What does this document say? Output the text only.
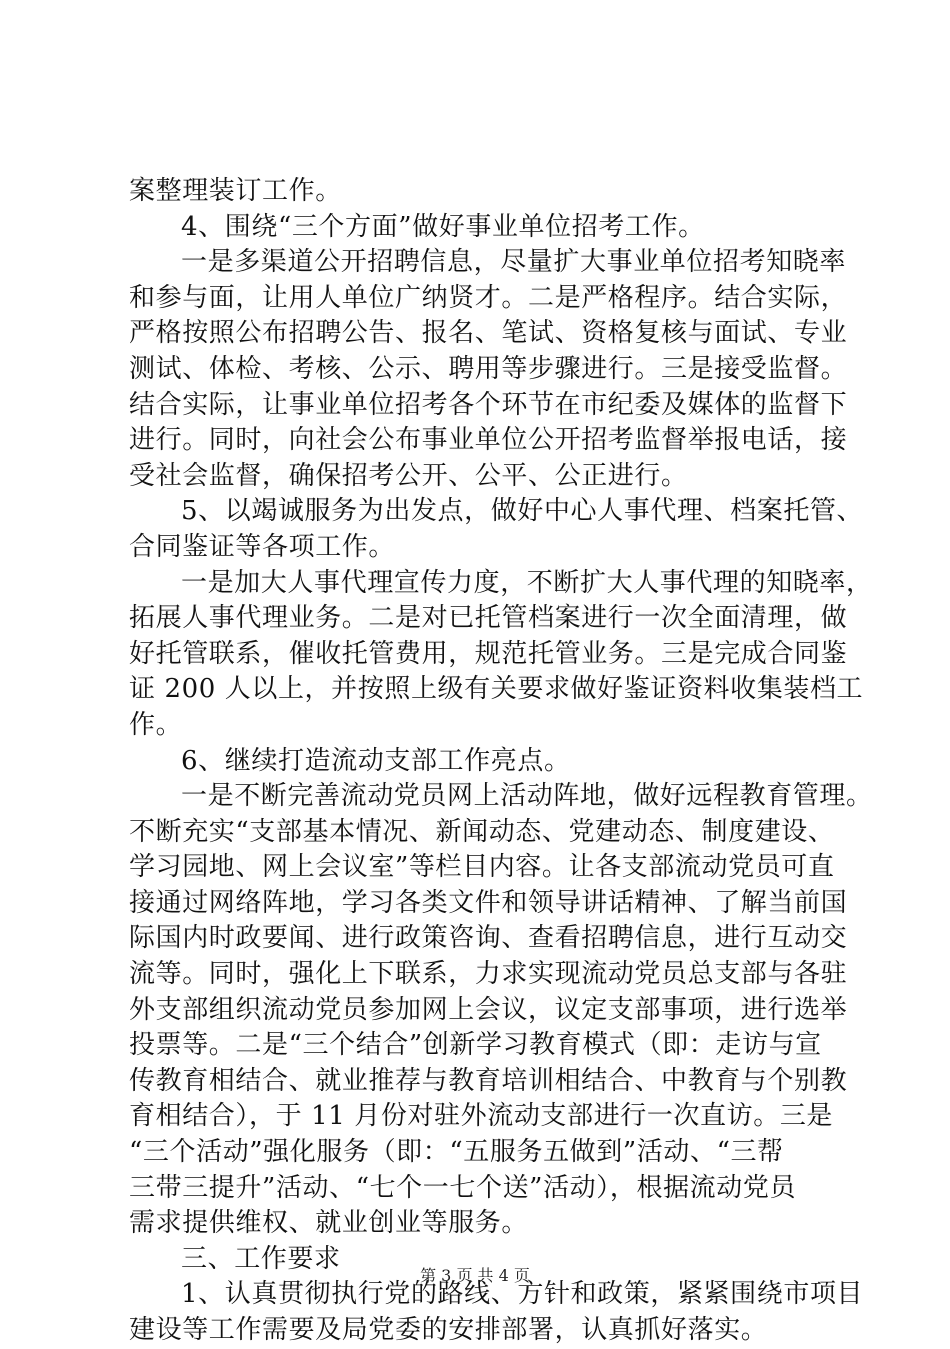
案整理装订工作。
4、围绕“三个方面”做好事业单位招考工作。
一是多渠道公开招聘信息，尽量扩大事业单位招考知晓率
和参与面，让用人单位广纳贤才。二是严格程序。结合实际，
严格按照公布招聘公告、报名、笔试、资格复核与面试、专业
测试、体检、考核、公示、聘用等步骤进行。三是接受监督。
结合实际，让事业单位招考各个环节在市纪委及媒体的监督下
进行。同时，向社会公布事业单位公开招考监督举报电话，接
受社会监督，确保招考公开、公平、公正进行。
5、以竭诚服务为出发点，做好中心人事代理、档案托管、
合同鉴证等各项工作。
一是加大人事代理宣传力度，不断扩大人事代理的知晓率，
拓展人事代理业务。二是对已托管档案进行一次全面清理，做
好托管联系，催收托管费用，规范托管业务。三是完成合同鉴
证 200 人以上，并按照上级有关要求做好鉴证资料收集装档工
作。
6、继续打造流动支部工作亮点。
一是不断完善流动党员网上活动阵地，做好远程教育管理。
不断充实“支部基本情况、新闻动态、党建动态、制度建设、
学习园地、网上会议室”等栏目内容。让各支部流动党员可直
接通过网络阵地，学习各类文件和领导讲话精神、了解当前国
际国内时政要闻、进行政策咨询、查看招聘信息，进行互动交
流等。同时，强化上下联系，力求实现流动党员总支部与各驻
外支部组织流动党员参加网上会议，议定支部事项，进行选举
投票等。二是“三个结合”创新学习教育模式（即：走访与宣
传教育相结合、就业推荐与教育培训相结合、中教育与个别教
育相结合），于 11 月份对驻外流动支部进行一次直访。三是
“三个活动”强化服务（即：“五服务五做到”活动、“三帮
三带三提升”活动、“七个一七个送”活动），根据流动党员
需求提供维权、就业创业等服务。
三、工作要求
1、认真贯彻执行党的路线、方针和政策，紧紧围绕市项目
建设等工作需要及局党委的安排部署，认真抓好落实。
第 3 页 共 4 页
